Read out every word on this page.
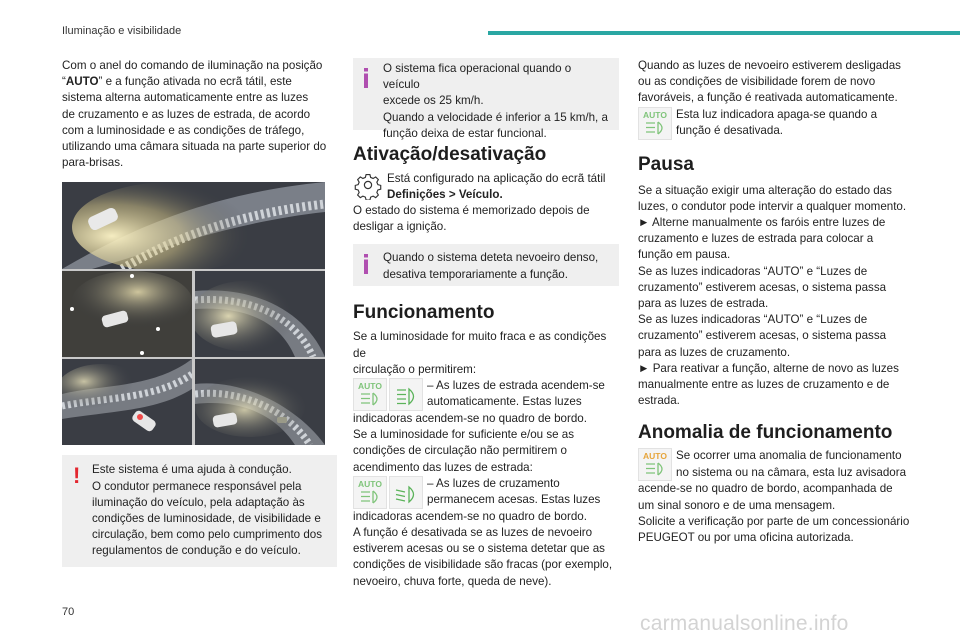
Iluminação e visibilidade

Com o anel do comando de iluminação na posição
“AUTO” e a função ativada no ecrã tátil, este
sistema alterna automaticamente entre as luzes
de cruzamento e as luzes de estrada, de acordo
com a luminosidade e as condições de tráfego,
utilizando uma câmara situada na parte superior do
para-brisas.

! Este sistema é uma ajuda à condução.
O condutor permanece responsável pela
iluminação do veículo, pela adaptação às
condições de luminosidade, de visibilidade e
circulação, bem como pelo cumprimento dos
regulamentos de condução e do veículo.

O sistema fica operacional quando o veículo
excede os 25 km/h.
Quando a velocidade é inferior a 15 km/h, a
função deixa de estar funcional.

Ativação/desativação

Está configurado na aplicação do ecrã tátil
Definições > Veículo.

O estado do sistema é memorizado depois de
desligar a ignição.

Quando o sistema deteta nevoeiro denso,
desativa temporariamente a função.

Funcionamento

Se a luminosidade for muito fraca e as condições de
circulação o permitirem:

AUTO	– As luzes de estrada acendem-se
automaticamente. Estas luzes

indicadoras acendem-se no quadro de bordo.
Se a luminosidade for suficiente e/ou se as
condições de circulação não permitirem o
acendimento das luzes de estrada:

AUTO	– As luzes de cruzamento
permanecem acesas. Estas luzes

indicadoras acendem-se no quadro de bordo.
A função é desativada se as luzes de nevoeiro
estiverem acesas ou se o sistema detetar que as
condições de visibilidade são fracas (por exemplo,
nevoeiro, chuva forte, queda de neve).

Quando as luzes de nevoeiro estiverem desligadas
ou as condições de visibilidade forem de novo
favoráveis, a função é reativada automaticamente.

AUTO Esta luz indicadora apaga-se quando a
função é desativada.

Pausa

Se a situação exigir uma alteração do estado das
luzes, o condutor pode intervir a qualquer momento.
► Alterne manualmente os faróis entre luzes de
cruzamento e luzes de estrada para colocar a
função em pausa.
Se as luzes indicadoras “AUTO” e “Luzes de
cruzamento” estiverem acesas, o sistema passa
para as luzes de estrada.
Se as luzes indicadoras “AUTO” e “Luzes de
cruzamento” estiverem acesas, o sistema passa
para as luzes de cruzamento.
► Para reativar a função, alterne de novo as luzes
manualmente entre as luzes de cruzamento e de
estrada.

Anomalia de funcionamento
AUTO Se ocorrer uma anomalia de funcionamento
no sistema ou na câmara, esta luz avisadora

acende-se no quadro de bordo, acompanhada de
um sinal sonoro e de uma mensagem.
Solicite a verificação por parte de um concessionário
PEUGEOT ou por uma oficina autorizada.

70	carmanualsonline.info
